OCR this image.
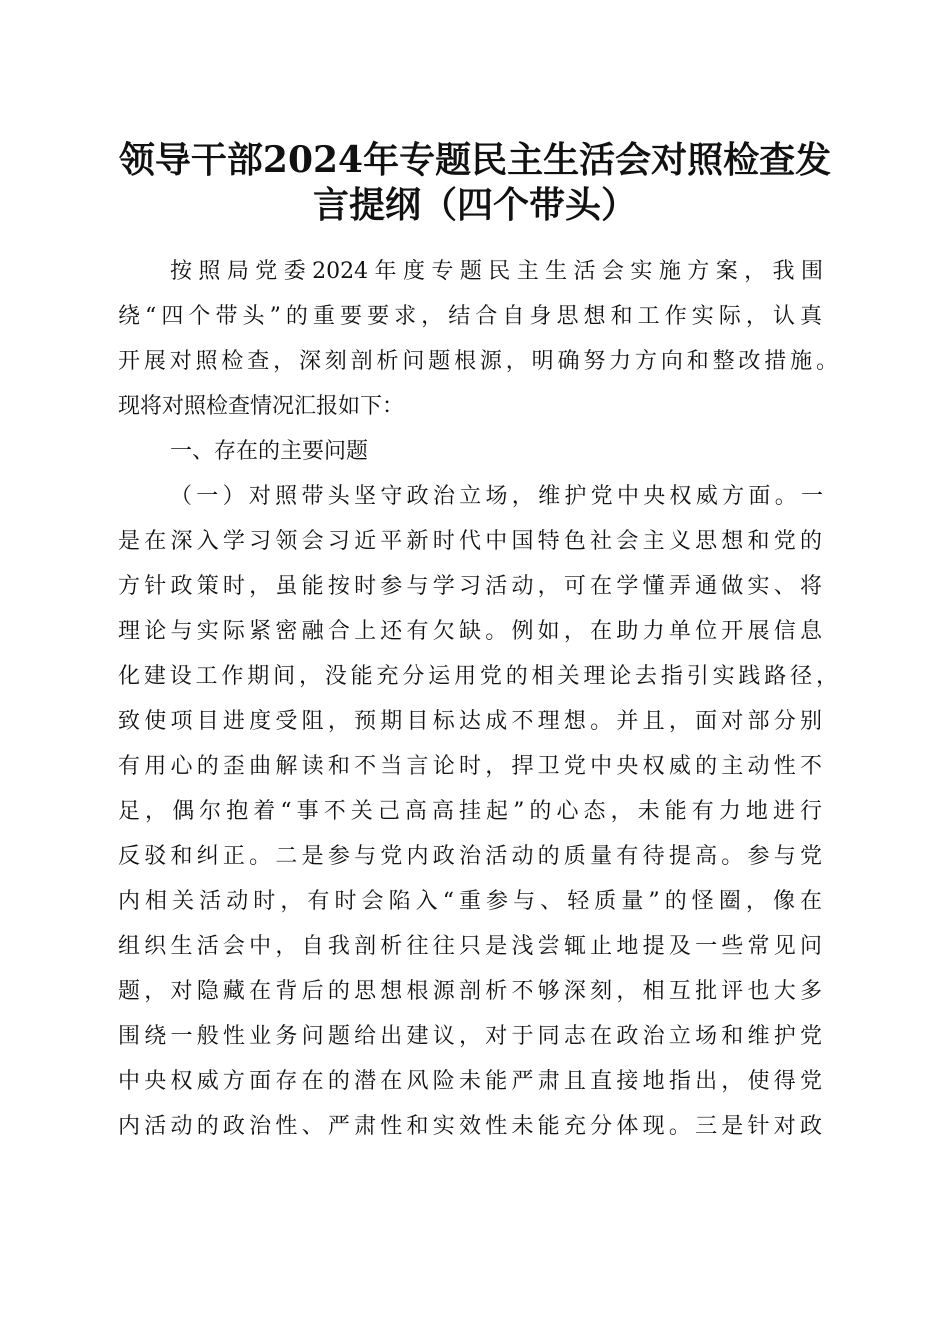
领导干部2024年专题民主生活会对照检查发
言提纲（四个带头）
按照局党委2024年度专题民主生活会实施方案，我围
绕“四个带头”的重要要求，结合自身思想和工作实际，认真
开展对照检查，深刻剖析问题根源，明确努力方向和整改措施。
现将对照检查情况汇报如下：
一、存在的主要问题
（一）对照带头坚守政治立场，维护党中央权威方面。一
是在深入学习领会习近平新时代中国特色社会主义思想和党的
方针政策时，虽能按时参与学习活动，可在学懂弄通做实、将
理论与实际紧密融合上还有欠缺。例如，在助力单位开展信息
化建设工作期间，没能充分运用党的相关理论去指引实践路径，
致使项目进度受阻，预期目标达成不理想。并且，面对部分别
有用心的歪曲解读和不当言论时，捍卫党中央权威的主动性不
足，偶尔抱着“事不关己高高挂起”的心态，未能有力地进行
反驳和纠正。二是参与党内政治活动的质量有待提高。参与党
内相关活动时，有时会陷入“重参与、轻质量”的怪圈，像在
组织生活会中，自我剖析往往只是浅尝辄止地提及一些常见问
题，对隐藏在背后的思想根源剖析不够深刻，相互批评也大多
围绕一般性业务问题给出建议，对于同志在政治立场和维护党
中央权威方面存在的潜在风险未能严肃且直接地指出，使得党
内活动的政治性、严肃性和实效性未能充分体现。三是针对政
